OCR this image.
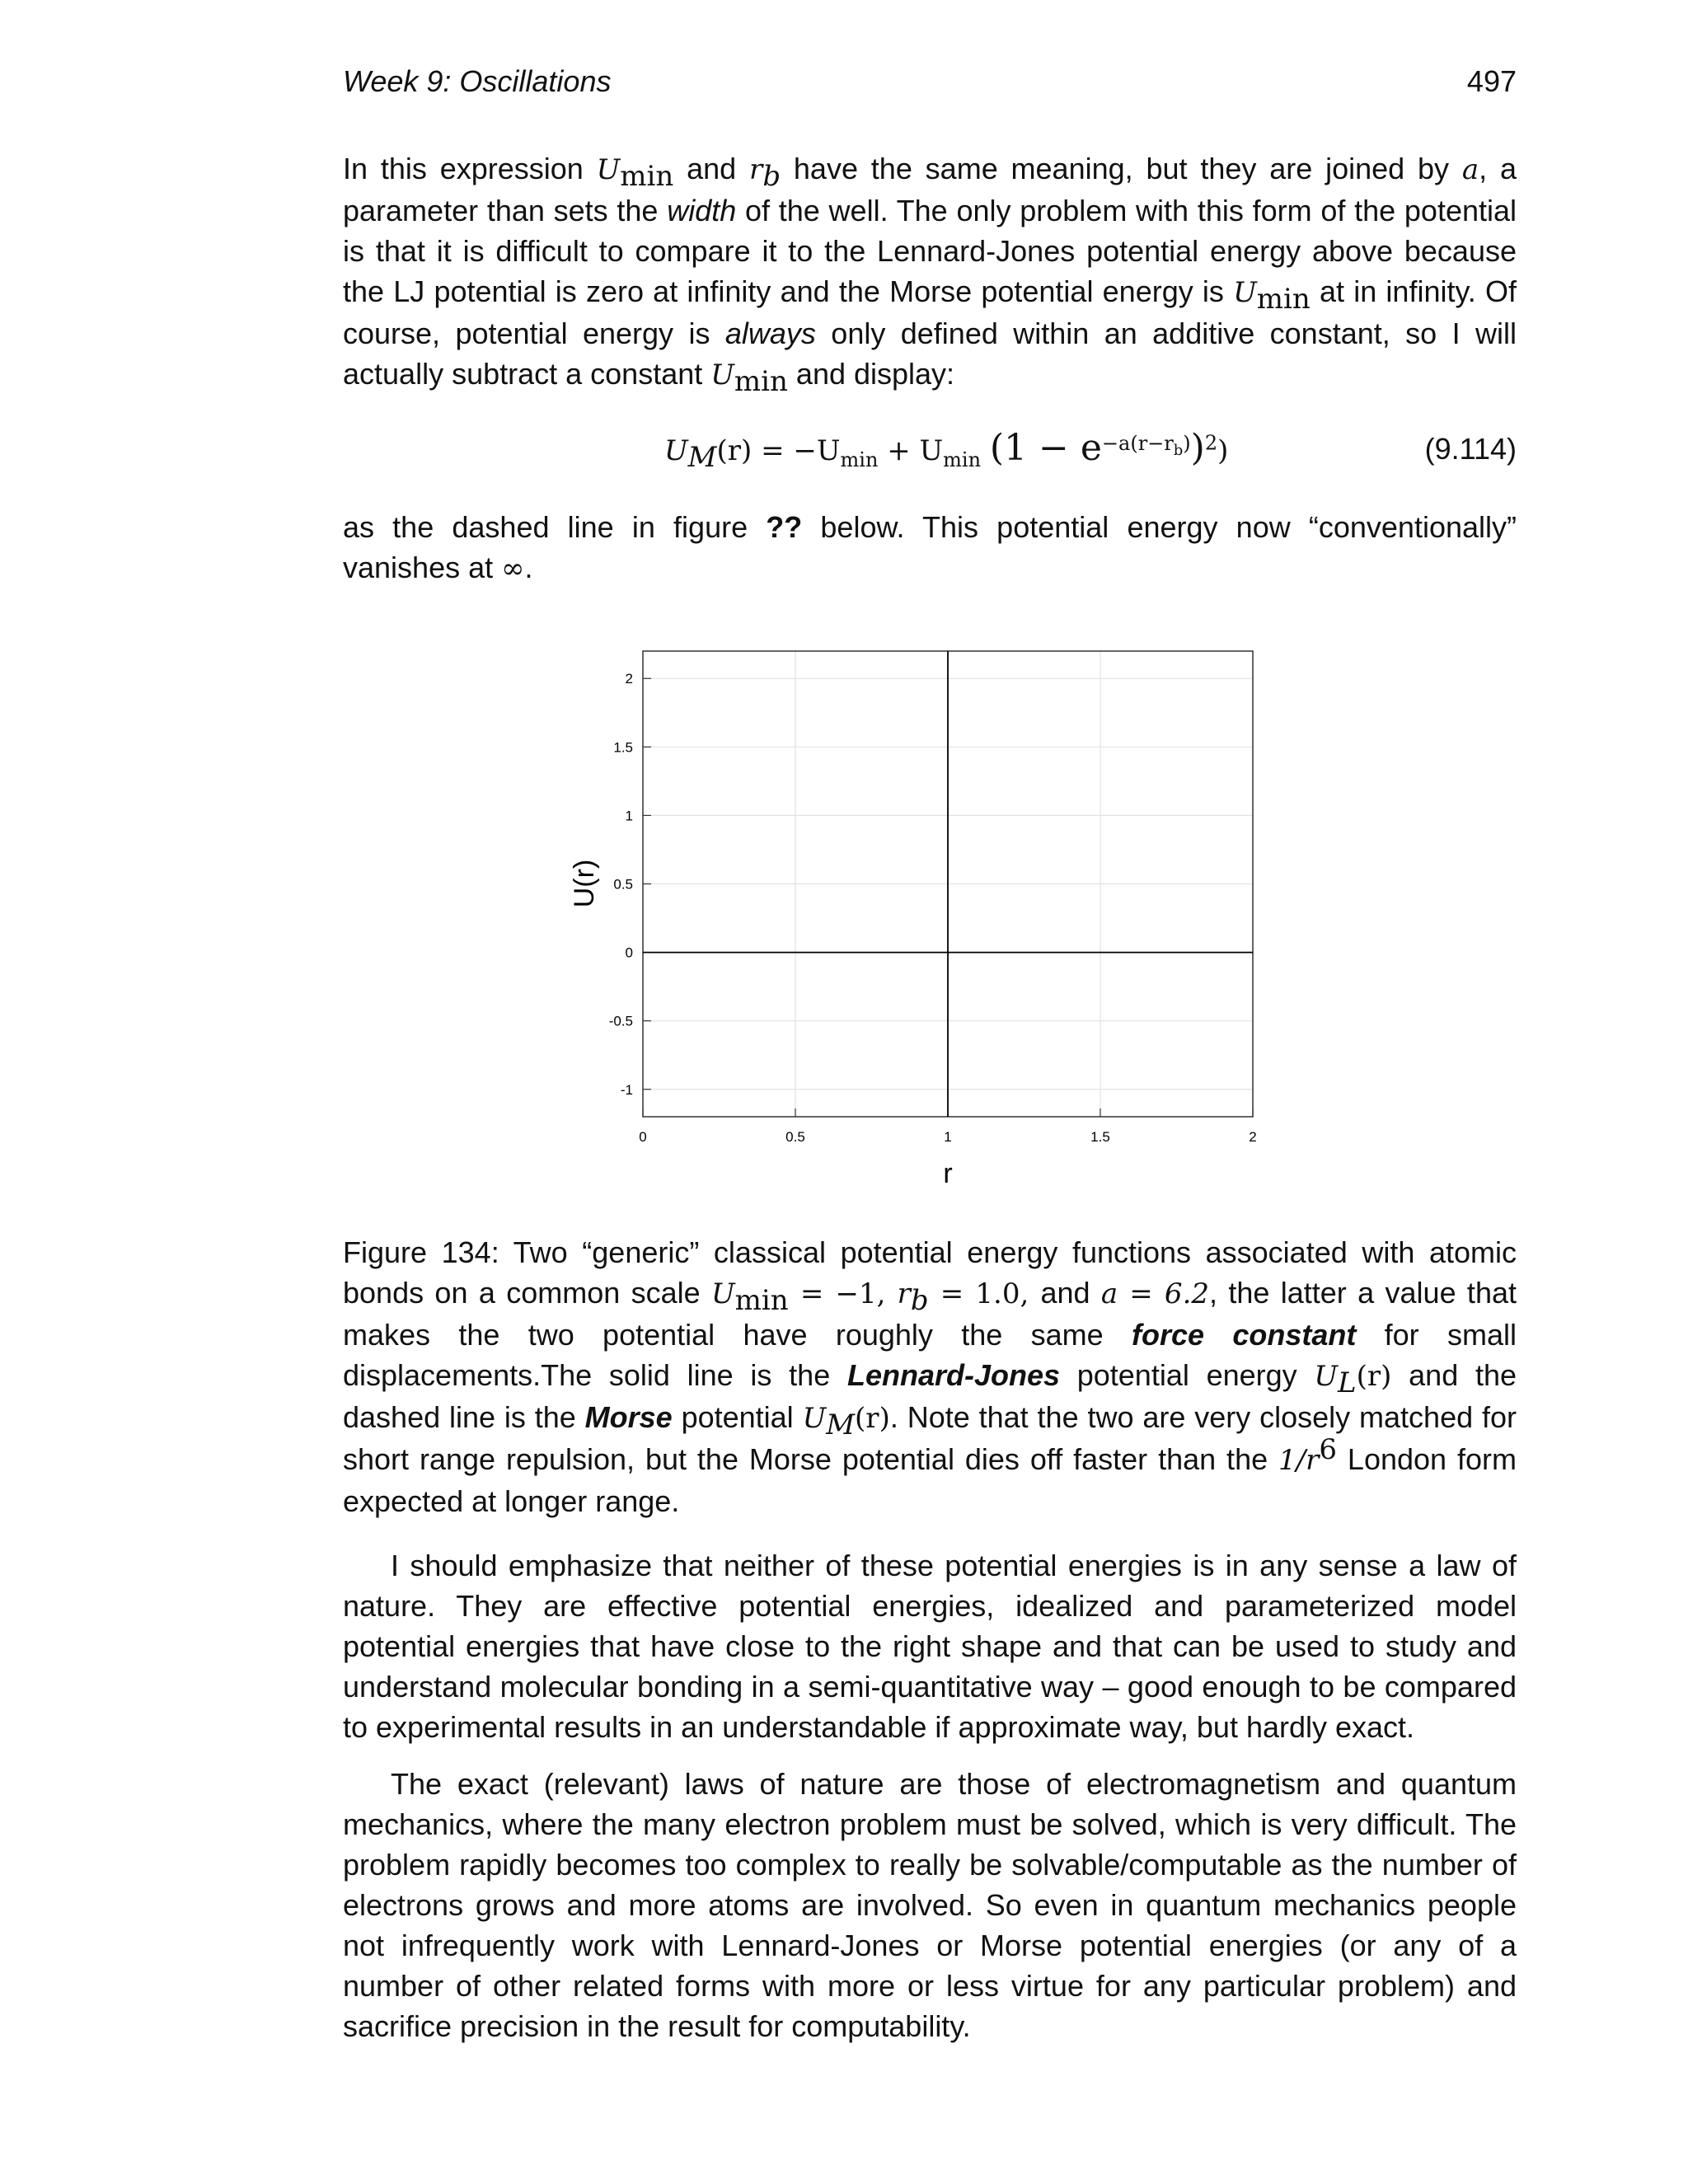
Week 9: Oscillations	497
In this expression $U_{min}$ and $r_b$ have the same meaning, but they are joined by a, a parameter than sets the width of the well. The only problem with this form of the potential is that it is difficult to compare it to the Lennard-Jones potential energy above because the LJ potential is zero at infinity and the Morse potential energy is $U_{min}$ at in infinity. Of course, potential energy is always only defined within an additive constant, so I will actually subtract a constant $U_{min}$ and display:
$U_M(r) = -U_{min} + U_{min}$ $(1 - e^{-a(r-r_b)})^2$)	(9.114)
as the dashed line in figure ?? below. This potential energy now “conventionally” vanishes at ∞.
0	0.5	1	1.5	2
2
1.5
1
0.5
0
-0.5
-1
r
U(r)
Figure 134: Two “generic” classical potential energy functions associated with atomic bonds on a common scale $U_{min} = -1$, $r_b = 1.0$, and a = 6.2, the latter a value that makes the two potential have roughly the same force constant for small displacements.The solid line is the Lennard-Jones potential energy $U_L(r)$ and the dashed line is the Morse potential $U_M(r)$. Note that the two are very closely matched for short range repulsion, but the Morse potential dies off faster than the $1/r^6$ London form expected at longer range.
I should emphasize that neither of these potential energies is in any sense a law of nature. They are effective potential energies, idealized and parameterized model potential energies that have close to the right shape and that can be used to study and understand molecular bonding in a semi-quantitative way – good enough to be compared to experimental results in an understandable if approximate way, but hardly exact.
The exact (relevant) laws of nature are those of electromagnetism and quantum mechanics, where the many electron problem must be solved, which is very difficult. The problem rapidly becomes too complex to really be solvable/computable as the number of electrons grows and more atoms are involved. So even in quantum mechanics people not infrequently work with Lennard-Jones or Morse potential energies (or any of a number of other related forms with more or less virtue for any particular problem) and sacrifice precision in the result for computability.
